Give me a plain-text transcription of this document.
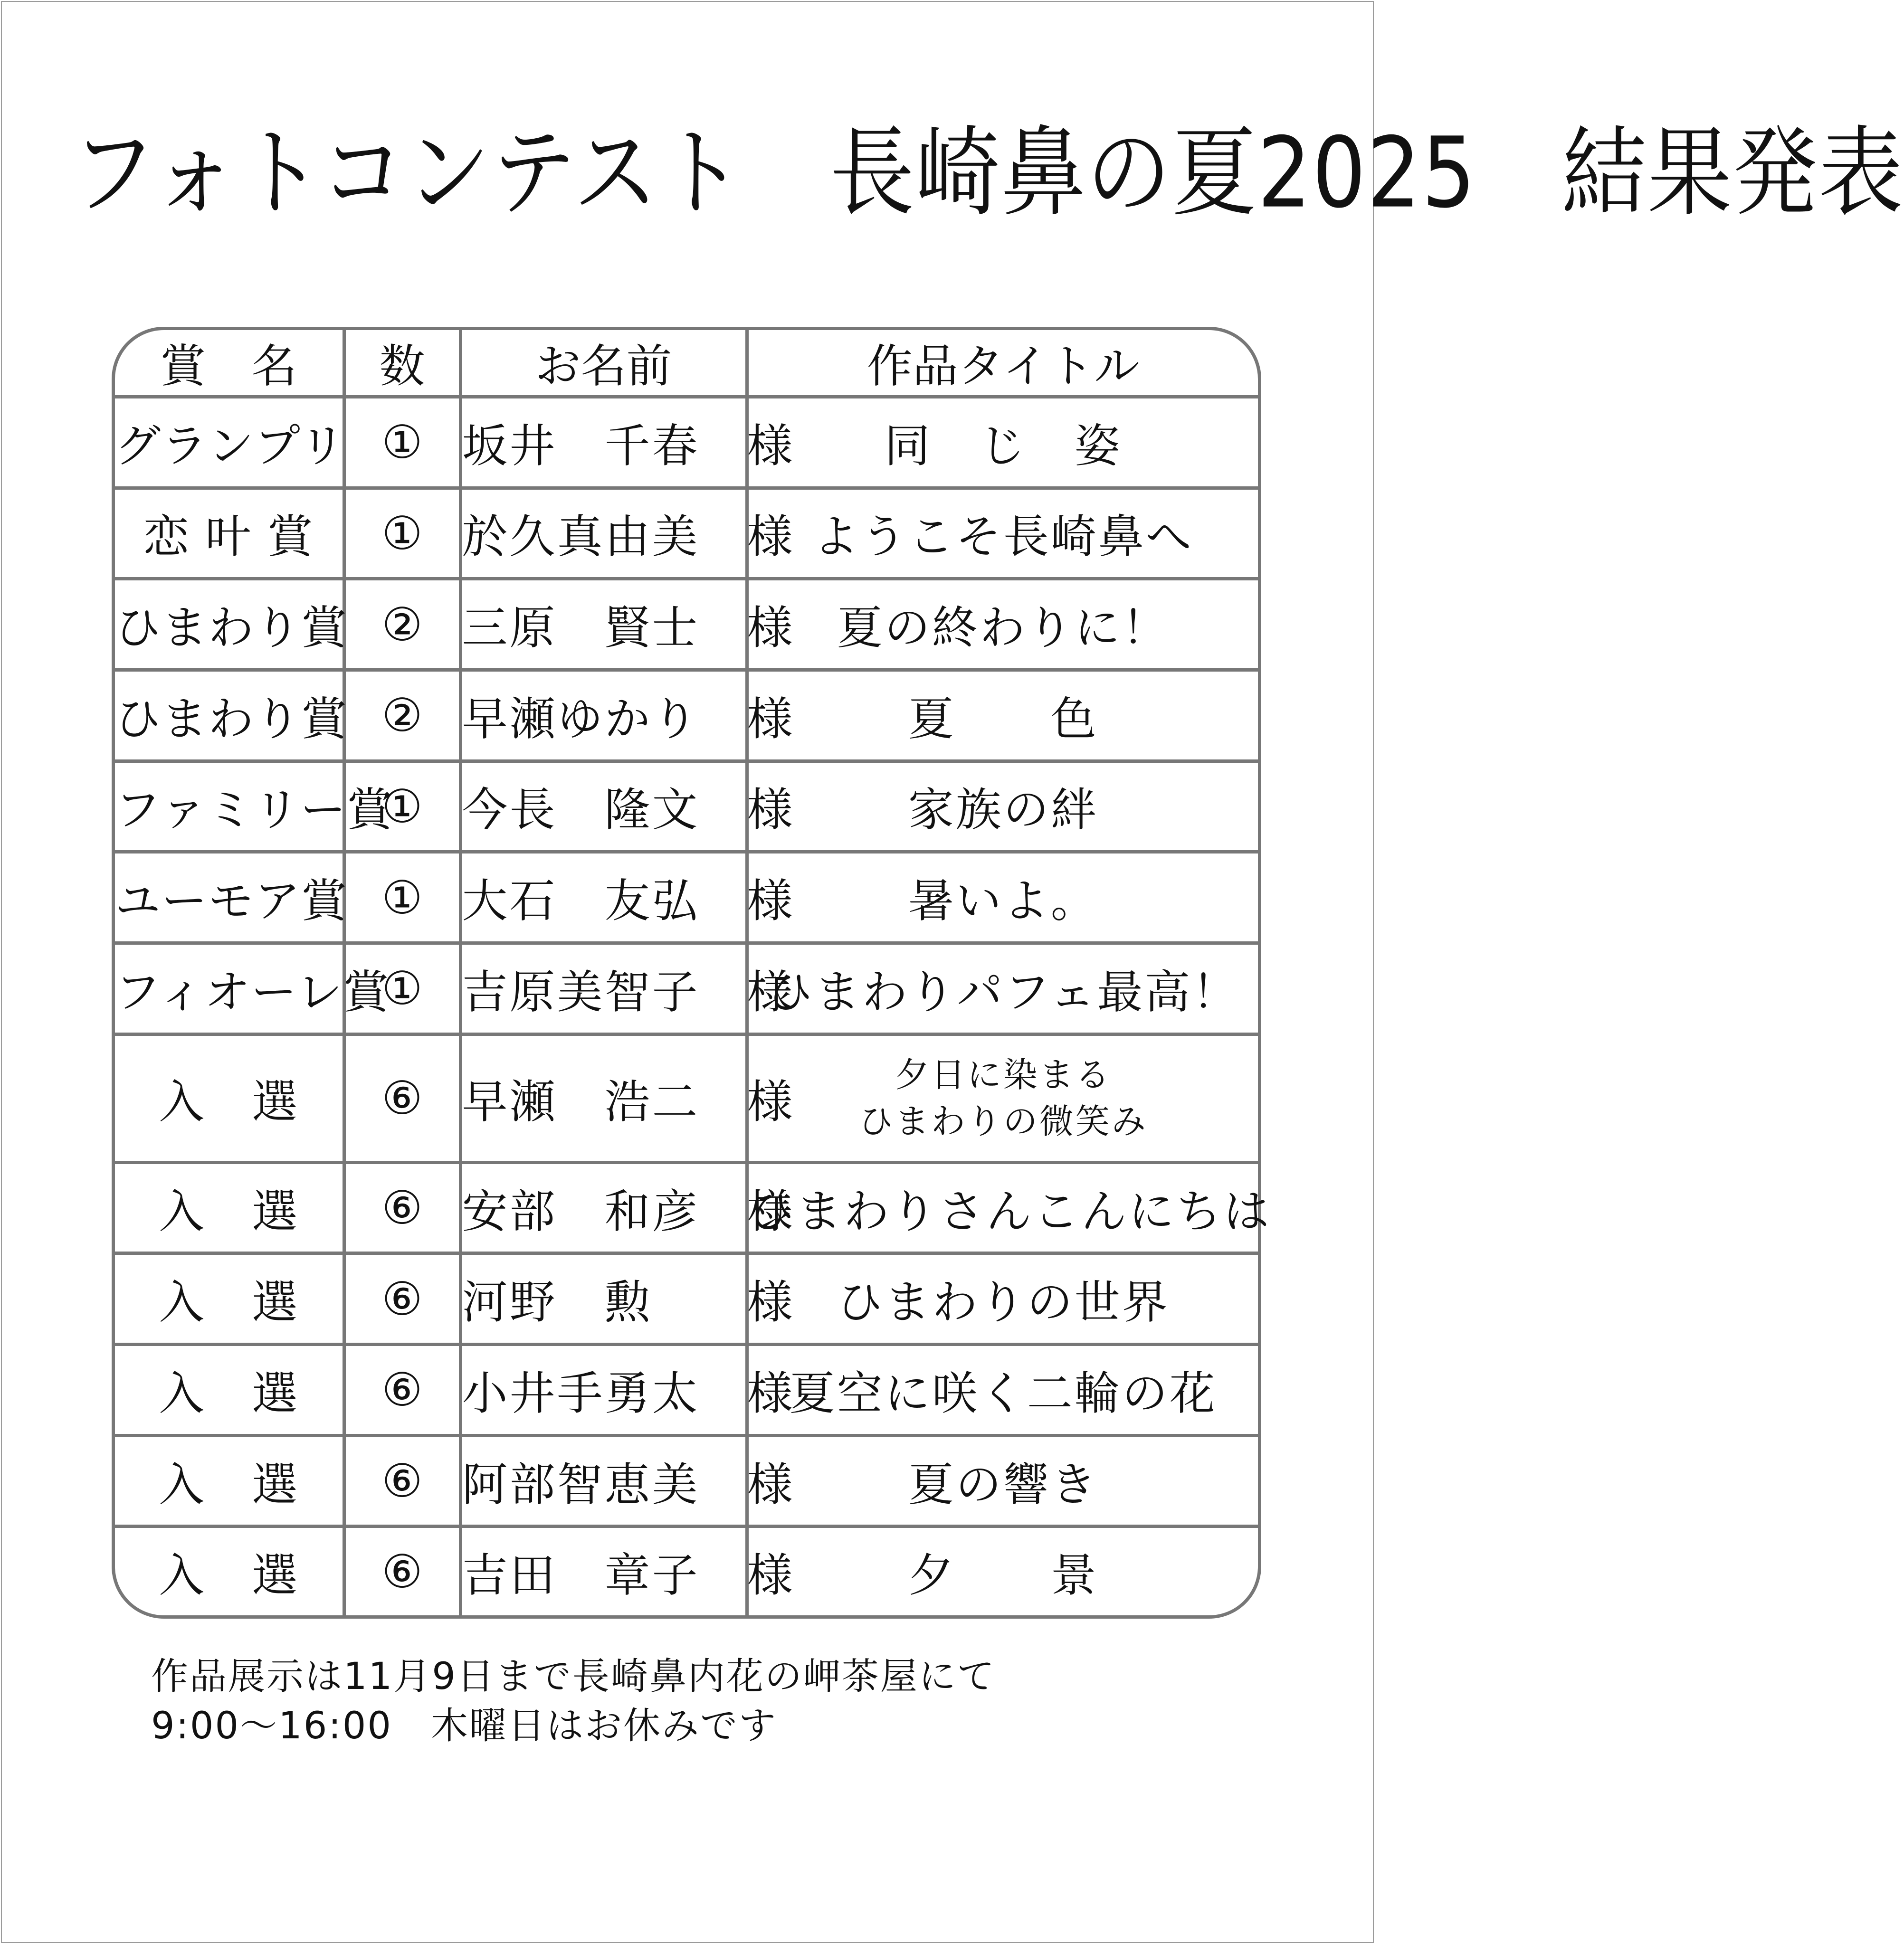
フォトコンテスト　長崎鼻の夏2025　結果発表
賞　名	数	お名前	作品タイトル
グランプリ	①	坂井　千春　様	同　じ　姿

恋 叶 賞	①	於久真由美　様	ようこそ長崎鼻へ

ひまわり賞	②	三原　賢士　様	夏の終わりに！

ひまわり賞	②	早瀬ゆかり　様	夏　　色

ファミリー賞	①	今長　隆文　様	家族の絆

ユーモア賞	①	大石　友弘　様	暑いよ。

フィオーレ賞	①	吉原美智子　様	ひまわりパフェ最高！

入　選	⑥	早瀬　浩二　様	夕日に染まる
ひまわりの微笑み

入　選	⑥	安部　和彦　様	ひまわりさんこんにちは

入　選	⑥	河野　勲　　様	ひまわりの世界

入　選	⑥	小井手勇太　様	夏空に咲く二輪の花

入　選	⑥	阿部智恵美　様	夏の響き

入　選	⑥	吉田　章子　様	夕　　景
作品展示は11月9日まで長崎鼻内花の岬茶屋にて
9:00～16:00　木曜日はお休みです
